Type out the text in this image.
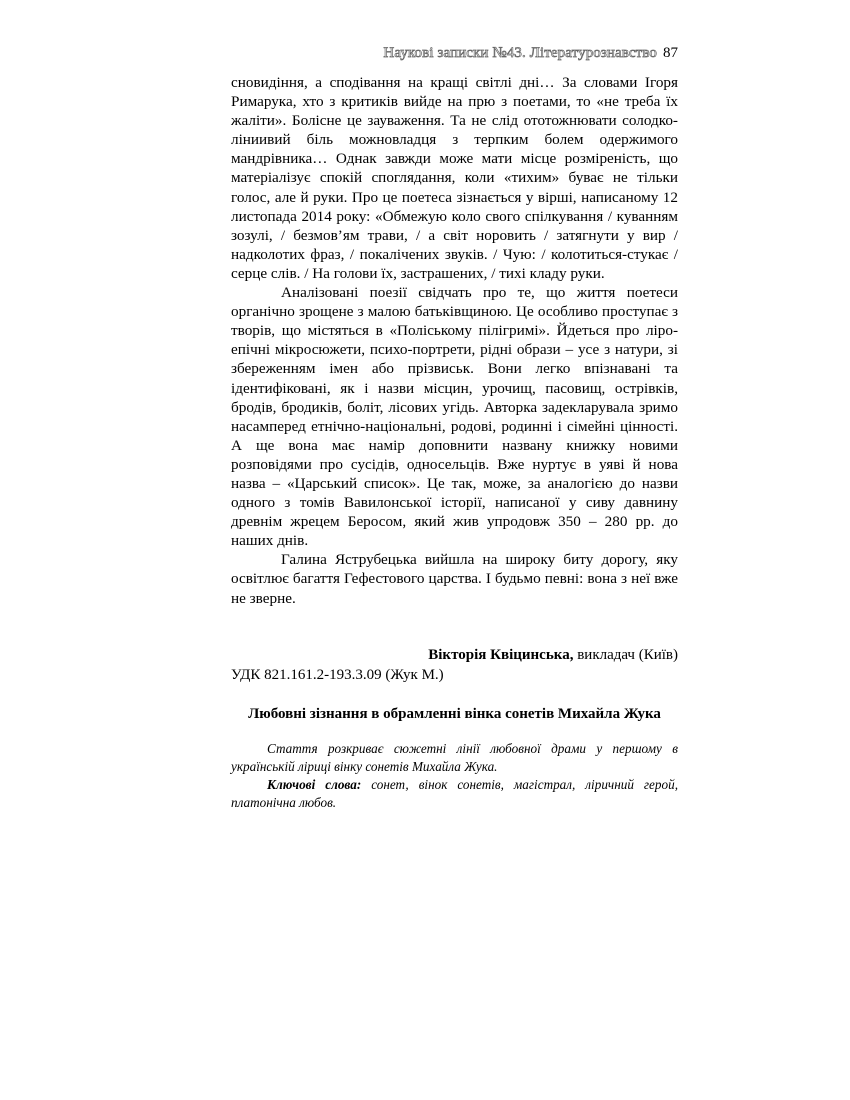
Наукові записки №43. Літературознавство 87

сновидіння, а сподівання на кращі світлі дні… За словами Ігоря Римарука, хто з критиків вийде на прю з поетами, то «не треба їх жаліти». Болісне це зауваження. Та не слід ототожнювати солодко-ліниивий біль можновладця з терпким болем одержимого мандрівника… Однак завжди може мати місце розміреність, що матеріалізує спокій споглядання, коли «тихим» буває не тільки голос, але й руки. Про це поетеса зізнається у вірші, написаному 12 листопада 2014 року: «Обмежую коло свого спілкування / куванням зозулі, / безмов’ям трави, / а світ норовить / затягнути у вир / надколотих фраз, / покалічених звуків. / Чую: / колотиться-стукає / серце слів. / На голови їх, застрашених, / тихі кладу руки.

Аналізовані поезії свідчать про те, що життя поетеси органічно зрощене з малою батьківщиною. Це особливо проступає з творів, що містяться в «Поліському пілігримі». Йдеться про ліро-епічні мікросюжети, психо-портрети, рідні образи – усе з натури, зі збереженням імен або прізвиськ. Вони легко впізнавані та ідентифіковані, як і назви місцин, урочищ, пасовищ, острівків, бродів, бродиків, боліт, лісових угідь. Авторка задекларувала зримо насамперед етнічно-національні, родові, родинні і сімейні цінності. А ще вона має намір доповнити названу книжку новими розповідями про сусідів, односельців. Вже нуртує в уяві й нова назва – «Царський список». Це так, може, за аналогією до назви одного з томів Вавилонської історії, написаної у сиву давнину древнім жрецем Беросом, який жив упродовж 350 – 280 рр. до наших днів.

Галина Яструбецька вийшла на широку биту дорогу, яку освітлює багаття Гефестового царства. І будьмо певні: вона з неї вже не зверне.

Вікторія Квіцинська, викладач (Київ)

УДК 821.161.2-193.3.09 (Жук М.)

Любовні зізнання в обрамленні вінка сонетів Михайла Жука

Стаття розкриває сюжетні лінії любовної драми у першому в українській ліриці вінку сонетів Михайла Жука.

Ключові слова: сонет, вінок сонетів, магістрал, ліричний герой, платонічна любов.
